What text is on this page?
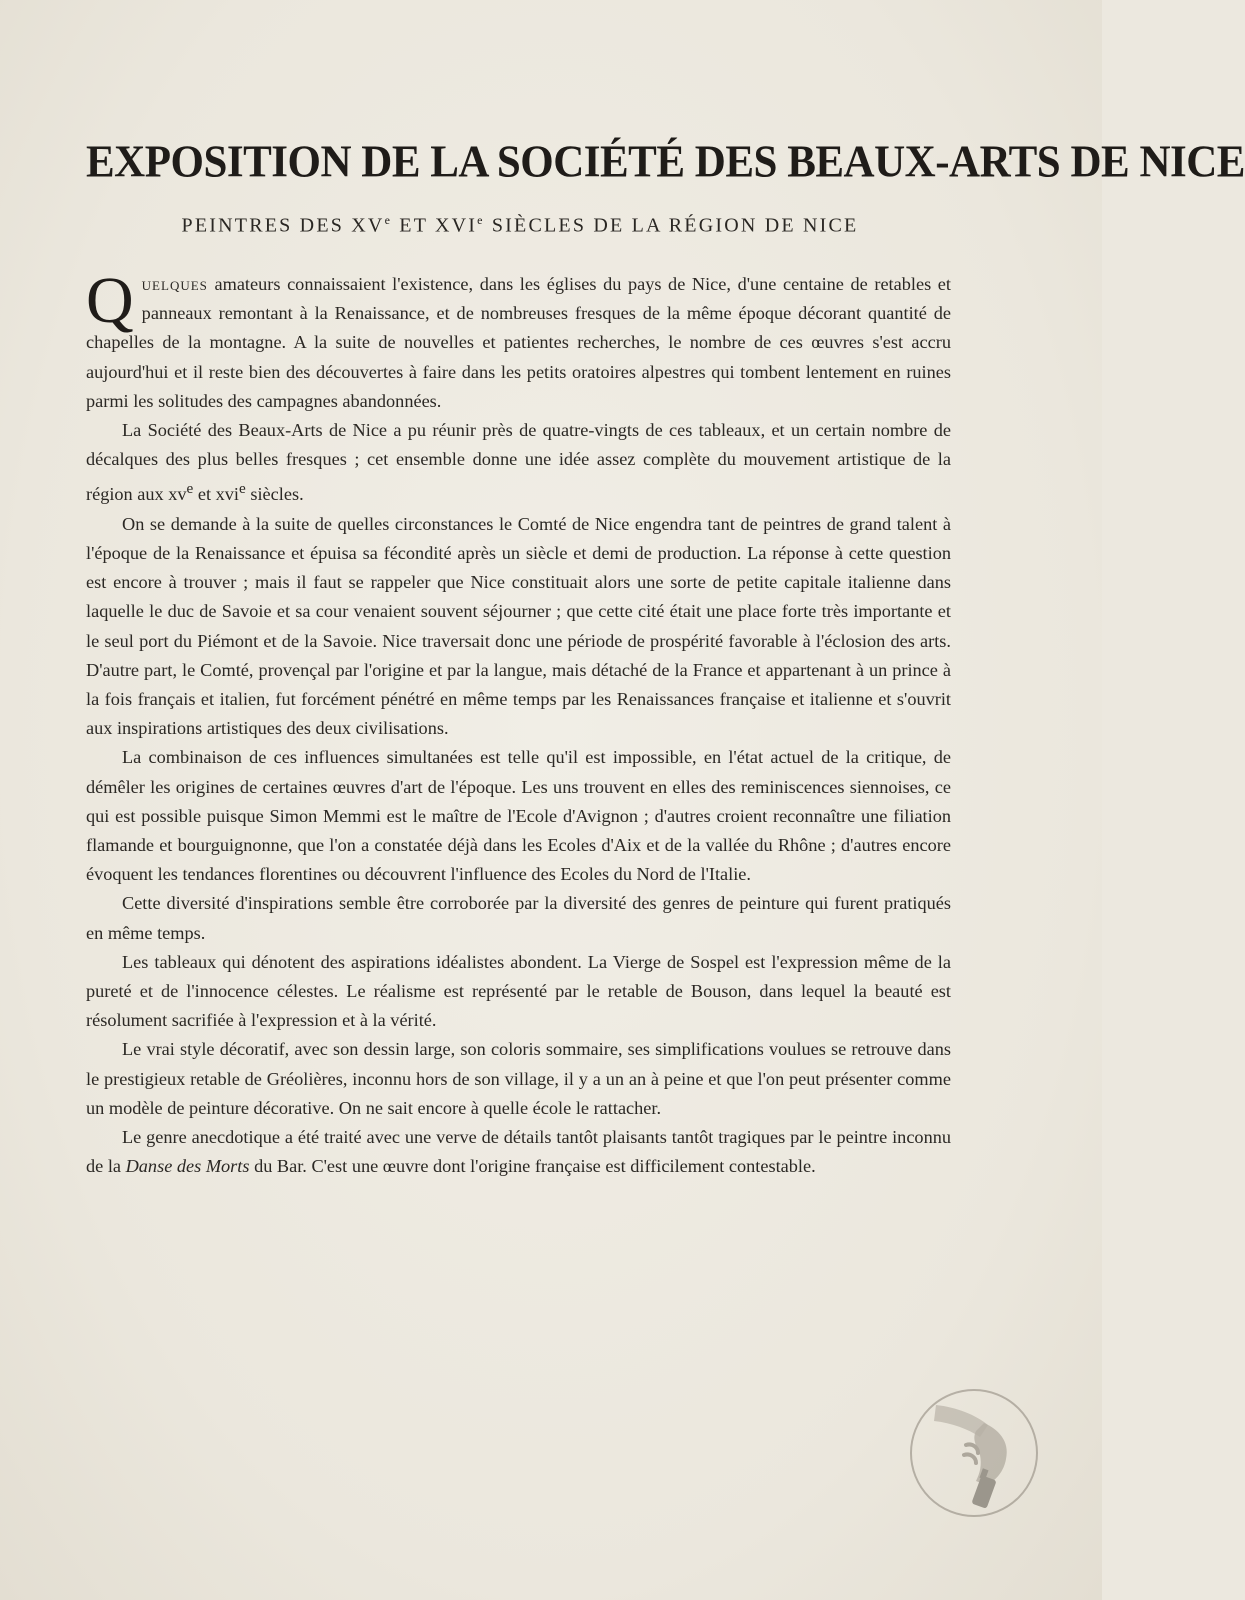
EXPOSITION DE LA SOCIÉTÉ DES BEAUX-ARTS DE NICE
PEINTRES DES XVe ET XVIe SIÈCLES DE LA RÉGION DE NICE

Quelques amateurs connaissaient l'existence, dans les églises du pays de Nice, d'une centaine de retables et panneaux remontant à la Renaissance, et de nombreuses fresques de la même époque décorant quantité de chapelles de la montagne. A la suite de nouvelles et patientes recherches, le nombre de ces œuvres s'est accru aujourd'hui et il reste bien des découvertes à faire dans les petits oratoires alpestres qui tombent lentement en ruines parmi les solitudes des campagnes abandonnées.

La Société des Beaux-Arts de Nice a pu réunir près de quatre-vingts de ces tableaux, et un certain nombre de décalques des plus belles fresques ; cet ensemble donne une idée assez complète du mouvement artistique de la région aux $xv^e$ et xvi$^e$ siècles.

On se demande à la suite de quelles circonstances le Comté de Nice engendra tant de peintres de grand talent à l'époque de la Renaissance et épuisa sa fécondité après un siècle et demi de production. La réponse à cette question est encore à trouver ; mais il faut se rappeler que Nice constituait alors une sorte de petite capitale italienne dans laquelle le duc de Savoie et sa cour venaient souvent séjourner ; que cette cité était une place forte très importante et le seul port du Piémont et de la Savoie. Nice traversait donc une période de prospérité favorable à l'éclosion des arts. D'autre part, le Comté, provençal par l'origine et par la langue, mais détaché de la France et appartenant à un prince à la fois français et italien, fut forcément pénétré en même temps par les Renaissances française et italienne et s'ouvrit aux inspirations artistiques des deux civilisations.

La combinaison de ces influences simultanées est telle qu'il est impossible, en l'état actuel de la critique, de démêler les origines de certaines œuvres d'art de l'époque. Les uns trouvent en elles des reminiscences siennoises, ce qui est possible puisque Simon Memmi est le maître de l'Ecole d'Avignon ; d'autres croient reconnaître une filiation flamande et bourguignonne, que l'on a constatée déjà dans les Ecoles d'Aix et de la vallée du Rhône ; d'autres encore évoquent les tendances florentines ou découvrent l'influence des Ecoles du Nord de l'Italie.

Cette diversité d'inspirations semble être corroborée par la diversité des genres de peinture qui furent pratiqués en même temps.

Les tableaux qui dénotent des aspirations idéalistes abondent. La Vierge de Sospel est l'expression même de la pureté et de l'innocence célestes. Le réalisme est représenté par le retable de Bouson, dans lequel la beauté est résolument sacrifiée à l'expression et à la vérité.

Le vrai style décoratif, avec son dessin large, son coloris sommaire, ses simplifications voulues se retrouve dans le prestigieux retable de Gréolières, inconnu hors de son village, il y a un an à peine et que l'on peut présenter comme un modèle de peinture décorative. On ne sait encore à quelle école le rattacher.

Le genre anecdotique a été traité avec une verve de détails tantôt plaisants tantôt tragiques par le peintre inconnu de la Danse des Morts du Bar. C'est une œuvre dont l'origine française est difficilement contestable.
